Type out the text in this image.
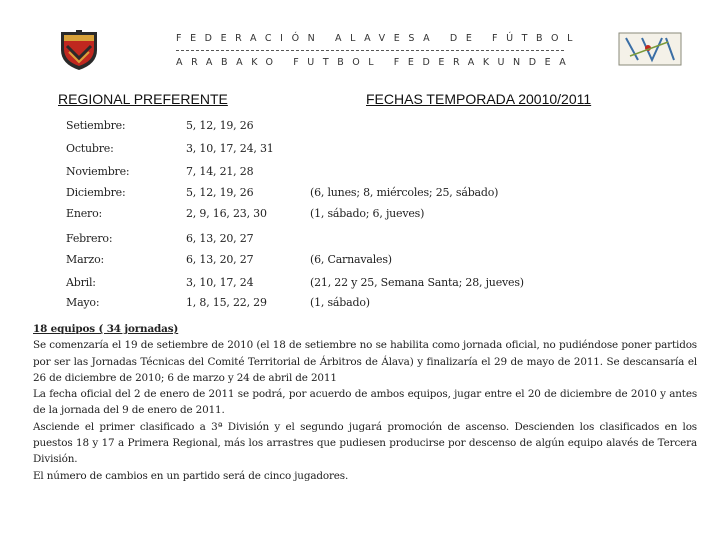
FEDERACIÓN ALAVESA DE FÚTBOL
ARABAKO FUTBOL FEDERAKUNDEA
REGIONAL PREFERENTE	FECHAS TEMPORADA 20010/2011
Setiembre:	5, 12, 19, 26
Octubre:	3, 10, 17, 24, 31
Noviembre:	7, 14, 21, 28
Diciembre:	5, 12, 19, 26	(6, lunes; 8, miércoles; 25, sábado)
Enero:	2, 9, 16, 23, 30	(1, sábado; 6, jueves)
Febrero:	6, 13, 20, 27
Marzo:	6, 13, 20, 27	(6, Carnavales)
Abril:	3, 10, 17, 24	(21, 22 y 25, Semana Santa; 28, jueves)
Mayo:	1, 8, 15, 22, 29	(1, sábado)

18 equipos ( 34 jornadas)

Se comenzaría el 19 de setiembre de 2010 (el 18 de setiembre no se habilita como jornada oficial, no pudiéndose poner partidos por ser las Jornadas Técnicas del Comité Territorial de Árbitros de Álava) y finalizaría el 29 de mayo de 2011. Se descansaría el 26 de diciembre de 2010; 6 de marzo y 24 de abril de 2011

La fecha oficial del 2 de enero de 2011 se podrá, por acuerdo de ambos equipos, jugar entre el 20 de diciembre de 2010 y antes de la jornada del 9 de enero de 2011.

Asciende el primer clasificado a 3ª División y el segundo jugará promoción de ascenso. Descienden los clasificados en los puestos 18 y 17 a Primera Regional, más los arrastres que pudiesen producirse por descenso de algún equipo alavés de Tercera División.

El número de cambios en un partido será de cinco jugadores.
